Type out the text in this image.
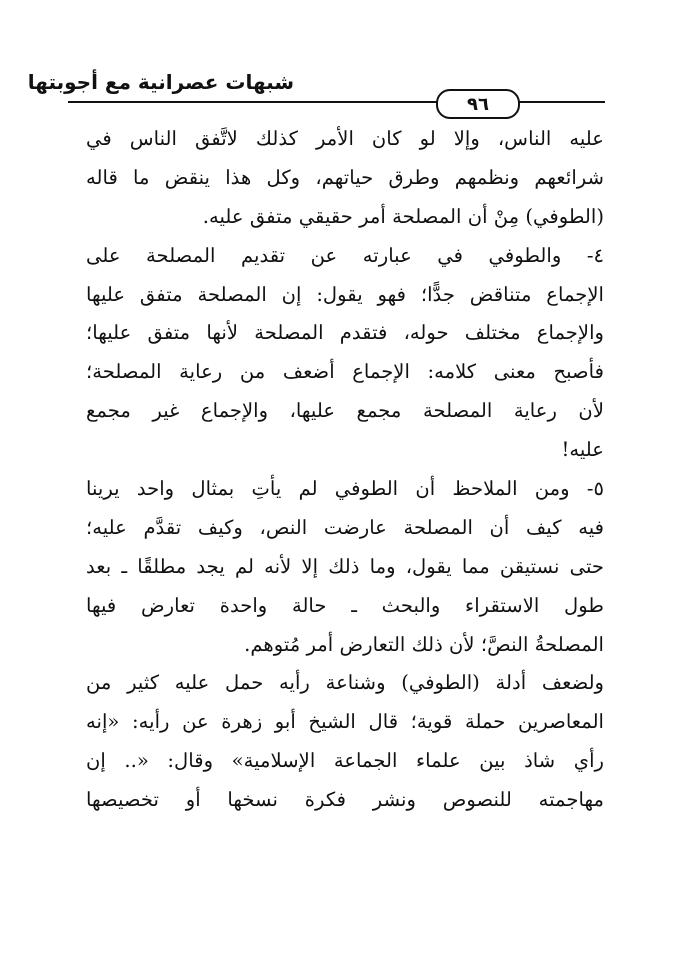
شبهات عصرانية مع أجوبتها
٩٦
عليه الناس، وإلا لو كان الأمر كذلك لاتَّفق الناس في
شرائعهم ونظمهم وطرق حياتهم، وكل هذا ينقض ما قاله
(الطوفي) مِنْ أن المصلحة أمر حقيقي متفق عليه.
٤- والطوفي في عبارته عن تقديم المصلحة على
الإجماع متناقض جدًّا؛ فهو يقول: إن المصلحة متفق عليها
والإجماع مختلف حوله، فتقدم المصلحة لأنها متفق عليها؛
فأصبح معنى كلامه: الإجماع أضعف من رعاية المصلحة؛
لأن رعاية المصلحة مجمع عليها، والإجماع غير مجمع
عليه!
٥- ومن الملاحظ أن الطوفي لم يأتِ بمثال واحد يرينا
فيه كيف أن المصلحة عارضت النص، وكيف تقدَّم عليه؛
حتى نستيقن مما يقول، وما ذلك إلا لأنه لم يجد مطلقًا ـ بعد
طول الاستقراء والبحث ـ حالة واحدة تعارض فيها
المصلحةُ النصَّ؛ لأن ذلك التعارض أمر مُتوهم.
ولضعف أدلة (الطوفي) وشناعة رأيه حمل عليه كثير من
المعاصرين حملة قوية؛ قال الشيخ أبو زهرة عن رأيه: «إنه
رأي شاذ بين علماء الجماعة الإسلامية» وقال: «.. إن
مهاجمته للنصوص ونشر فكرة نسخها أو تخصيصها
